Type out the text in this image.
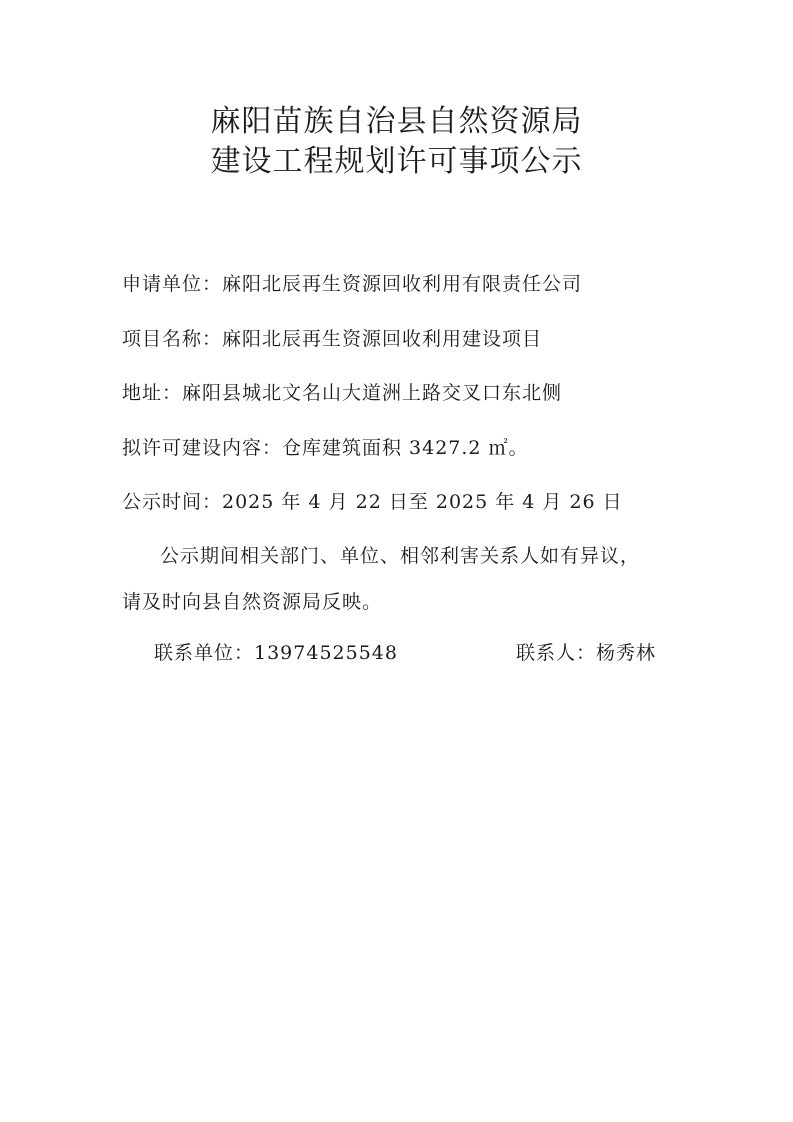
麻阳苗族自治县自然资源局
建设工程规划许可事项公示
申请单位：麻阳北辰再生资源回收利用有限责任公司
项目名称：麻阳北辰再生资源回收利用建设项目
地址：麻阳县城北文名山大道洲上路交叉口东北侧
拟许可建设内容：仓库建筑面积 3427.2 ㎡。
公示时间：2025 年 4 月 22 日至 2025 年 4 月 26 日
公示期间相关部门、单位、相邻利害关系人如有异议，
请及时向县自然资源局反映。
联系单位：13974525548	联系人：杨秀林
